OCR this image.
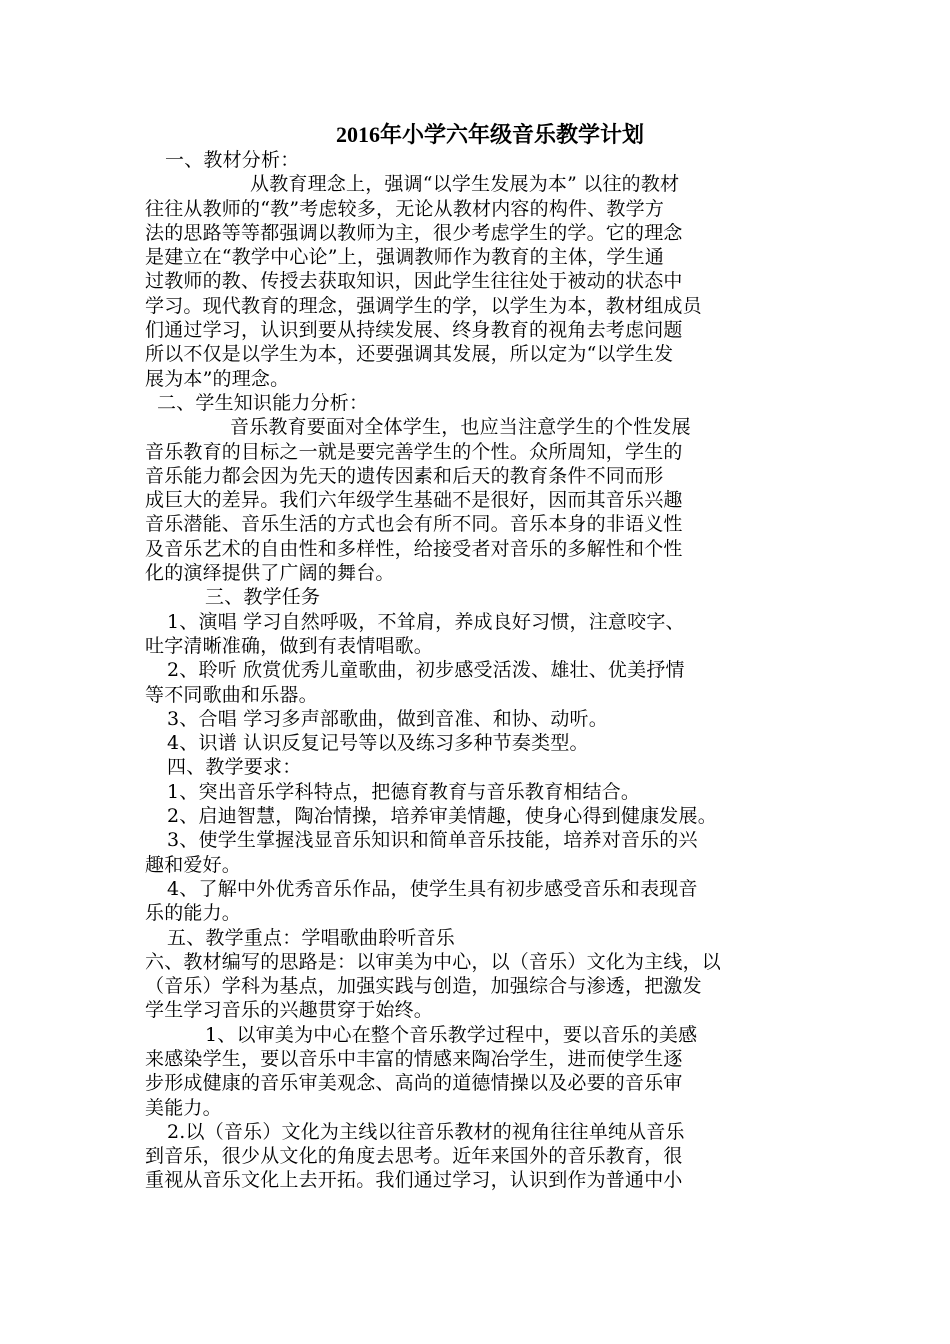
2016年小学六年级音乐教学计划
一、教材分析：
从教育理念上，强调“以学生发展为本” 以往的教材
往往从教师的“教”考虑较多，无论从教材内容的构件、教学方
法的思路等等都强调以教师为主，很少考虑学生的学。它的理念
是建立在“教学中心论”上，强调教师作为教育的主体，学生通
过教师的教、传授去获取知识，因此学生往往处于被动的状态中
学习。现代教育的理念，强调学生的学，以学生为本，教材组成员
们通过学习，认识到要从持续发展、终身教育的视角去考虑问题
所以不仅是以学生为本，还要强调其发展，所以定为“以学生发
展为本”的理念。
二、学生知识能力分析：
音乐教育要面对全体学生，也应当注意学生的个性发展
音乐教育的目标之一就是要完善学生的个性。众所周知，学生的
音乐能力都会因为先天的遗传因素和后天的教育条件不同而形
成巨大的差异。我们六年级学生基础不是很好，因而其音乐兴趣
音乐潜能、音乐生活的方式也会有所不同。音乐本身的非语义性
及音乐艺术的自由性和多样性，给接受者对音乐的多解性和个性
化的演绎提供了广阔的舞台。
三、教学任务
1、演唱 学习自然呼吸，不耸肩，养成良好习惯，注意咬字、
吐字清晰准确，做到有表情唱歌。
2、聆听 欣赏优秀儿童歌曲，初步感受活泼、雄壮、优美抒情
等不同歌曲和乐器。
3、合唱 学习多声部歌曲，做到音准、和协、动听。
4、识谱 认识反复记号等以及练习多种节奏类型。
四、教学要求：
1、突出音乐学科特点，把德育教育与音乐教育相结合。
2、启迪智慧，陶冶情操，培养审美情趣，使身心得到健康发展。
3、使学生掌握浅显音乐知识和简单音乐技能，培养对音乐的兴
趣和爱好。
4、了解中外优秀音乐作品，使学生具有初步感受音乐和表现音
乐的能力。
五、教学重点：学唱歌曲聆听音乐
六、教材编写的思路是：以审美为中心，以（音乐）文化为主线，以
（音乐）学科为基点，加强实践与创造，加强综合与渗透，把激发
学生学习音乐的兴趣贯穿于始终。
1、以审美为中心在整个音乐教学过程中，要以音乐的美感
来感染学生，要以音乐中丰富的情感来陶冶学生，进而使学生逐
步形成健康的音乐审美观念、高尚的道德情操以及必要的音乐审
美能力。
2.以（音乐）文化为主线以往音乐教材的视角往往单纯从音乐
到音乐，很少从文化的角度去思考。近年来国外的音乐教育，很
重视从音乐文化上去开拓。我们通过学习，认识到作为普通中小
